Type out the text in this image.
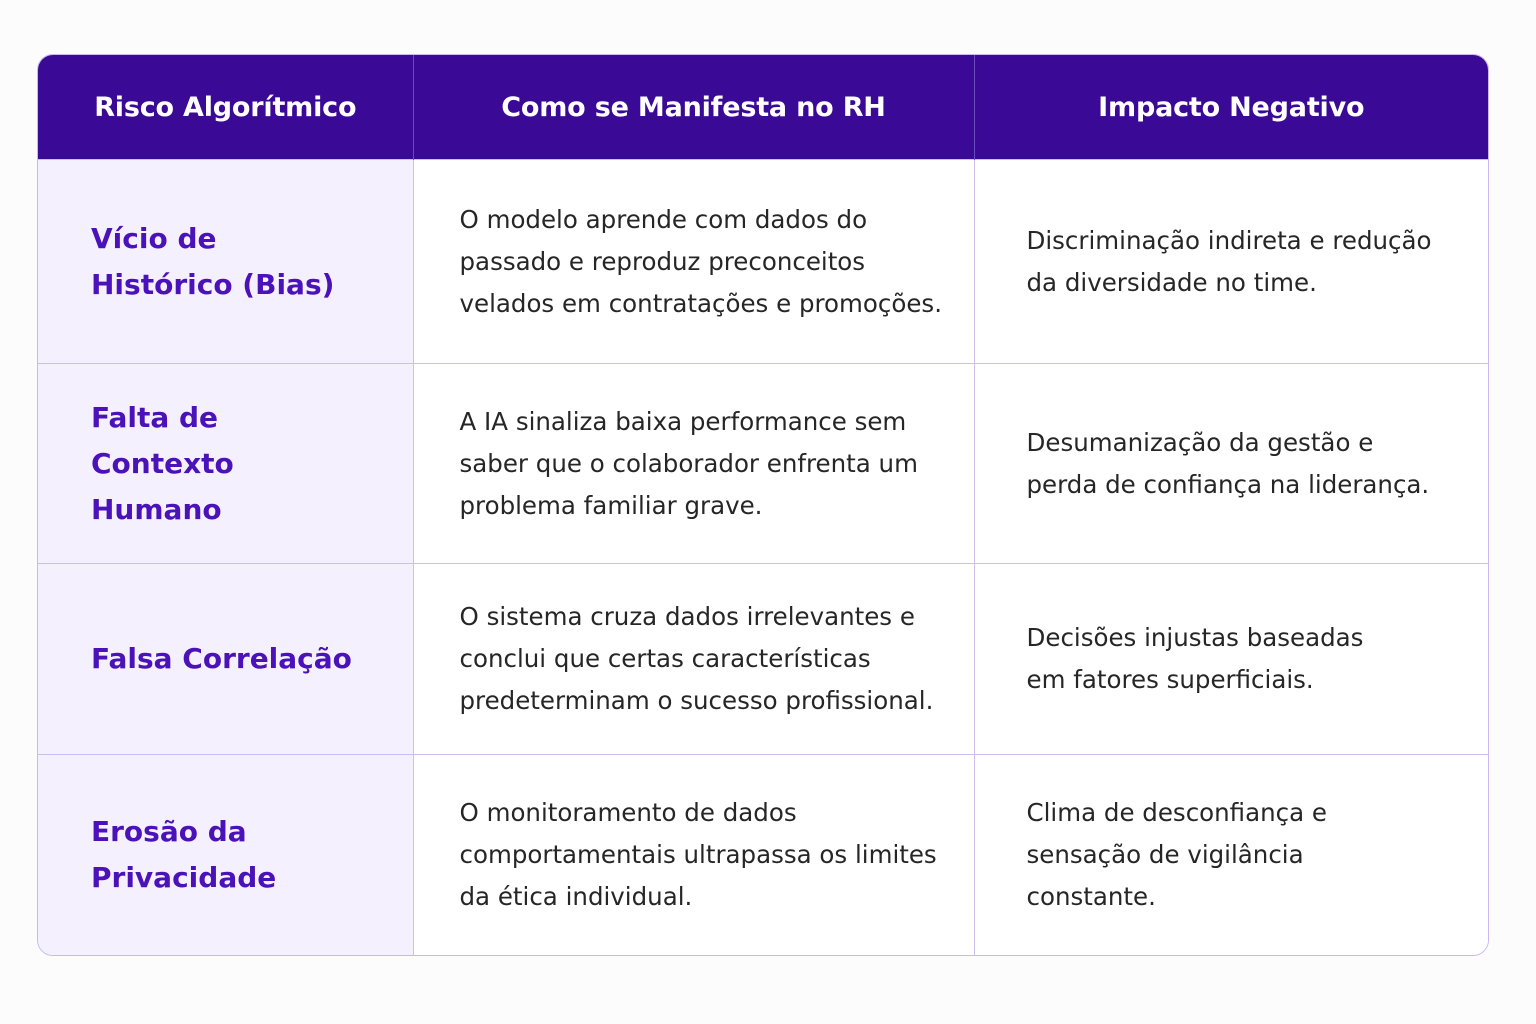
Risco Algorítmico	Como se Manifesta no RH	Impacto Negativo

Vício de Histórico (Bias)	O modelo aprende com dados do passado e reproduz preconceitos velados em contratações e promoções.	Discriminação indireta e redução da diversidade no time.

Falta de Contexto Humano	A IA sinaliza baixa performance sem saber que o colaborador enfrenta um problema familiar grave.	Desumanização da gestão e perda de confiança na liderança.

Falsa Correlação	O sistema cruza dados irrelevantes e conclui que certas características predeterminam o sucesso profissional.	Decisões injustas baseadas em fatores superficiais.

Erosão da Privacidade	O monitoramento de dados comportamentais ultrapassa os limites da ética individual.	Clima de desconfiança e sensação de vigilância constante.
